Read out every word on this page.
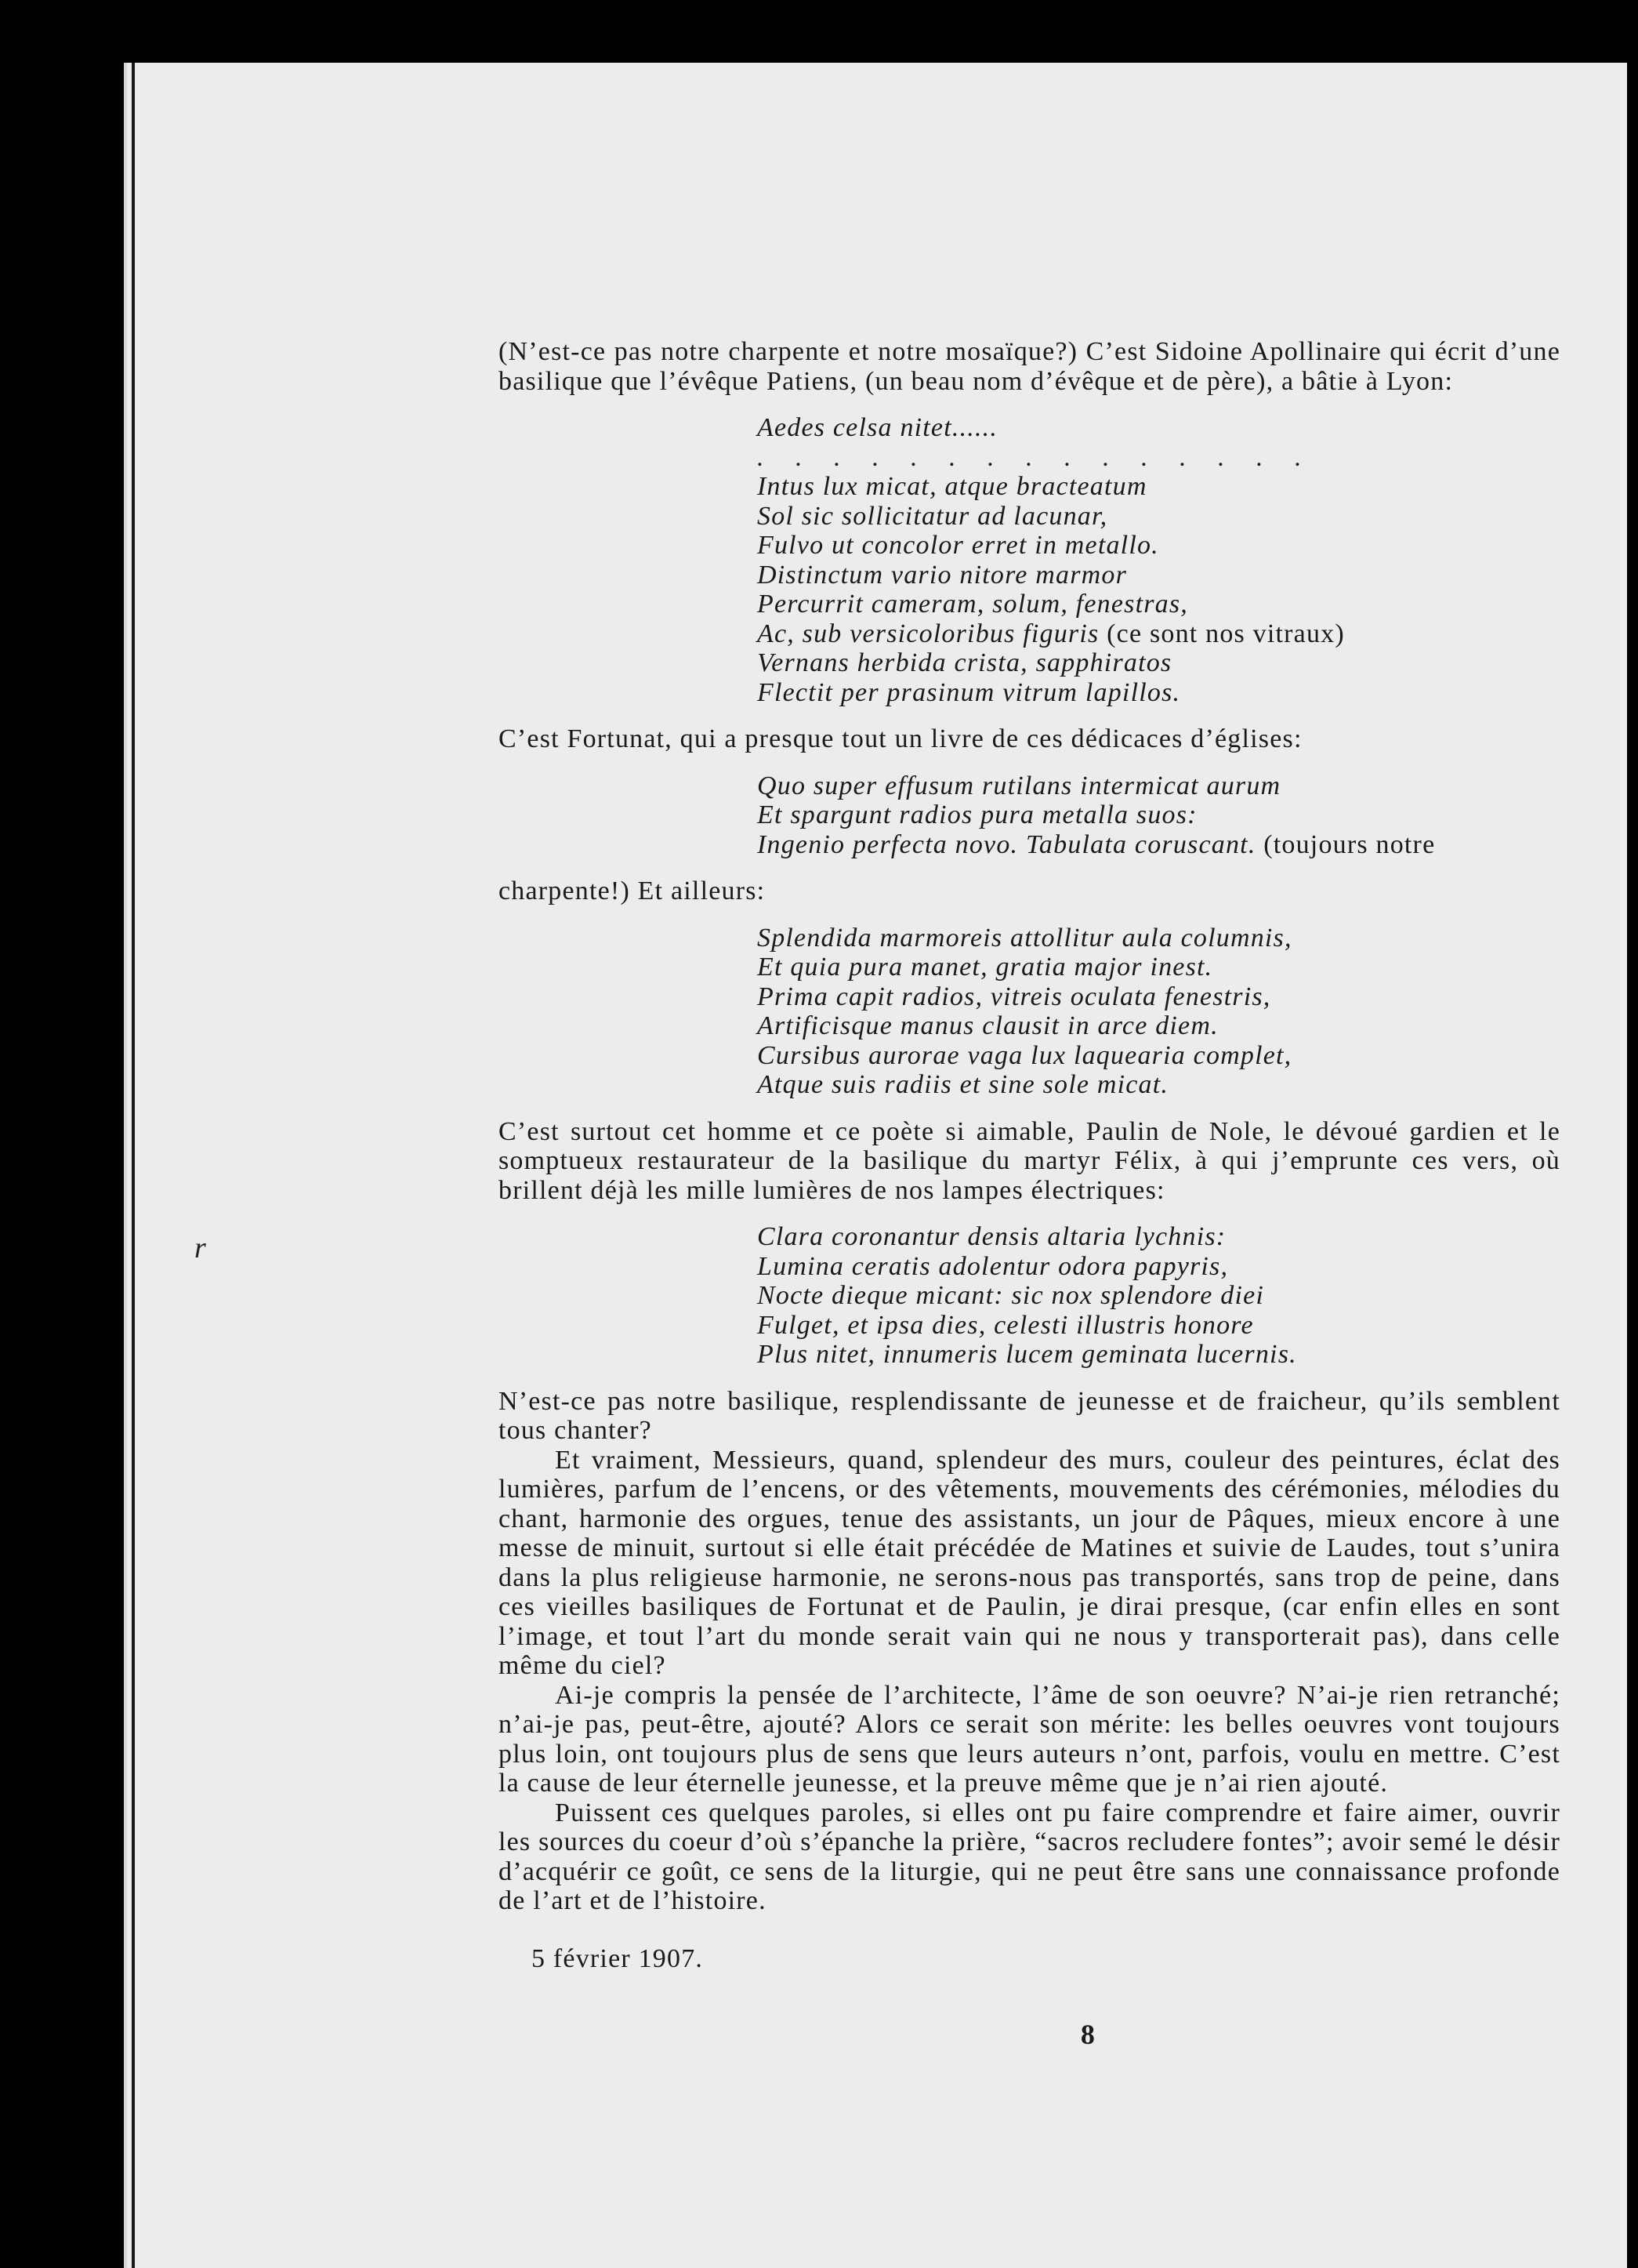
r

(N’est-ce pas notre charpente et notre mosaïque?) C’est Sidoine Apollinaire qui écrit d’une basilique que l’évêque Patiens, (un beau nom d’évêque et de père), a bâtie à Lyon:

Aedes celsa nitet......
. . . . . . . . . . . . . . .
Intus lux micat, atque bracteatum
Sol sic sollicitatur ad lacunar,
Fulvo ut concolor erret in metallo.
Distinctum vario nitore marmor
Percurrit cameram, solum, fenestras,
Ac, sub versicoloribus figuris (ce sont nos vitraux)
Vernans herbida crista, sapphiratos
Flectit per prasinum vitrum lapillos.

C’est Fortunat, qui a presque tout un livre de ces dédicaces d’églises:

Quo super effusum rutilans intermicat aurum
Et spargunt radios pura metalla suos:
Ingenio perfecta novo. Tabulata coruscant. (toujours notre

charpente!) Et ailleurs:

Splendida marmoreis attollitur aula columnis,
Et quia pura manet, gratia major inest.
Prima capit radios, vitreis oculata fenestris,
Artificisque manus clausit in arce diem.
Cursibus aurorae vaga lux laquearia complet,
Atque suis radiis et sine sole micat.

C’est surtout cet homme et ce poète si aimable, Paulin de Nole, le dévoué gardien et le somptueux restaurateur de la basilique du martyr Félix, à qui j’emprunte ces vers, où brillent déjà les mille lumières de nos lampes électriques:

Clara coronantur densis altaria lychnis:
Lumina ceratis adolentur odora papyris,
Nocte dieque micant: sic nox splendore diei
Fulget, et ipsa dies, celesti illustris honore
Plus nitet, innumeris lucem geminata lucernis.

N’est-ce pas notre basilique, resplendissante de jeunesse et de fraicheur, qu’ils semblent tous chanter?

Et vraiment, Messieurs, quand, splendeur des murs, couleur des peintures, éclat des lumières, parfum de l’encens, or des vêtements, mouvements des cérémonies, mélodies du chant, harmonie des orgues, tenue des assistants, un jour de Pâques, mieux encore à une messe de minuit, surtout si elle était précédée de Matines et suivie de Laudes, tout s’unira dans la plus religieuse harmonie, ne serons-nous pas transportés, sans trop de peine, dans ces vieilles basiliques de Fortunat et de Paulin, je dirai presque, (car enfin elles en sont l’image, et tout l’art du monde serait vain qui ne nous y transporterait pas), dans celle même du ciel?

Ai-je compris la pensée de l’architecte, l’âme de son oeuvre? N’ai-je rien retranché; n’ai-je pas, peut-être, ajouté? Alors ce serait son mérite: les belles oeuvres vont toujours plus loin, ont toujours plus de sens que leurs auteurs n’ont, parfois, voulu en mettre. C’est la cause de leur éternelle jeunesse, et la preuve même que je n’ai rien ajouté.

Puissent ces quelques paroles, si elles ont pu faire comprendre et faire aimer, ouvrir les sources du coeur d’où s’épanche la prière, “sacros recludere fontes”; avoir semé le désir d’acquérir ce goût, ce sens de la liturgie, qui ne peut être sans une connaissance profonde de l’art et de l’histoire.

5 février 1907.

8
